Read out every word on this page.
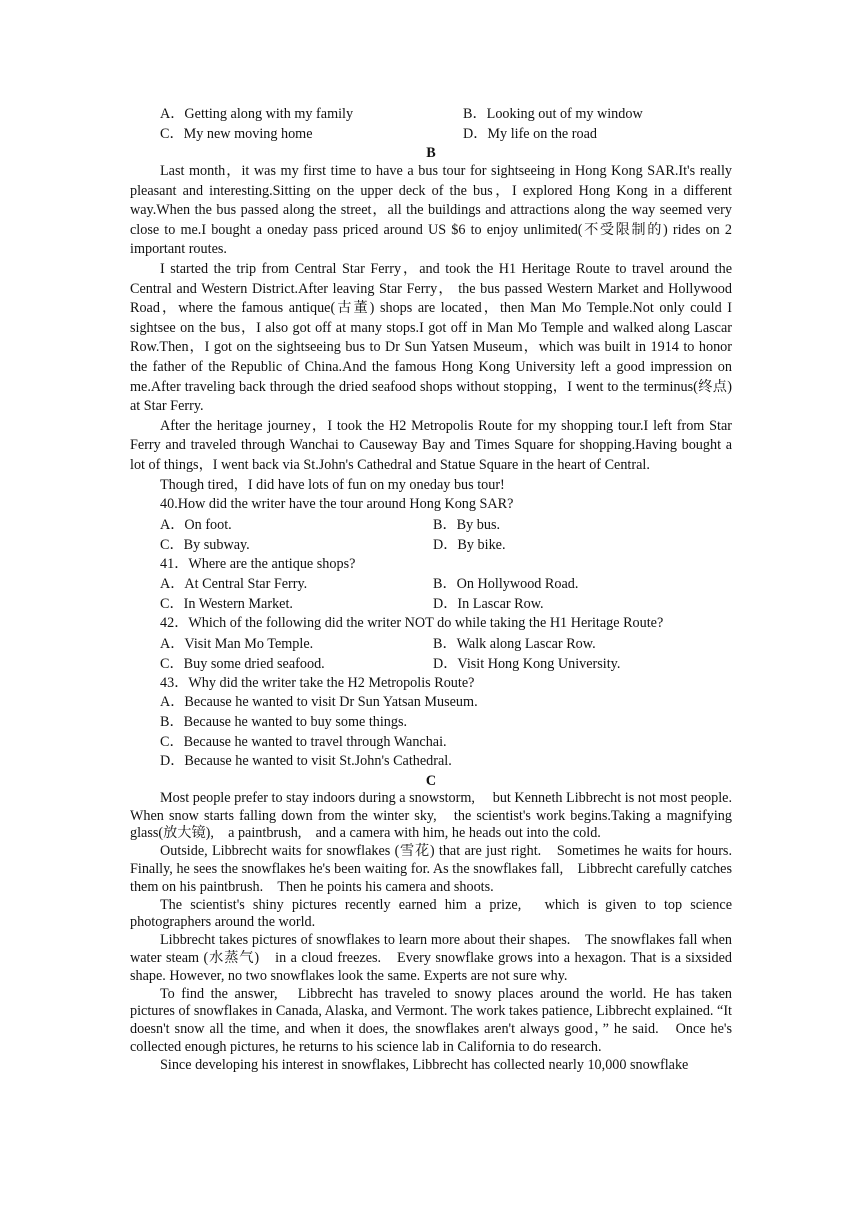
A．Getting along with my family	B．Looking out of my window
C．My new moving home	D．My life on the road
B

Last month，it was my first time to have a bus tour for sightseeing in Hong Kong SAR.It's really pleasant and interesting.Sitting on the upper deck of the bus，I explored Hong Kong in a different way.When the bus passed along the street，all the buildings and attractions along the way seemed very close to me.I bought a oneday pass priced around US $6 to enjoy unlimited(不受限制的) rides on 2 important routes.

I started the trip from Central Star Ferry，and took the H1 Heritage Route to travel around the Central and Western District.After leaving Star Ferry， the bus passed Western Market and Hollywood Road，where the famous antique(古董) shops are located，then Man Mo Temple.Not only could I sightsee on the bus，I also got off at many stops.I got off in Man Mo Temple and walked along Lascar Row.Then，I got on the sightseeing bus to Dr Sun Yatsen Museum，which was built in 1914 to honor the father of the Republic of China.And the famous Hong Kong University left a good impression on me.After traveling back through the dried seafood shops without stopping，I went to the terminus(终点) at Star Ferry.

After the heritage journey，I took the H2 Metropolis Route for my shopping tour.I left from Star Ferry and traveled through Wanchai to Causeway Bay and Times Square for shopping.Having bought a lot of things，I went back via St.John's Cathedral and Statue Square in the heart of Central.

Though tired，I did have lots of fun on my oneday bus tour!

40.How did the writer have the tour around Hong Kong SAR?
A．On foot.	B．By bus.
C．By subway.	D．By bike.
41．Where are the antique shops?
A．At Central Star Ferry.	B．On Hollywood Road.
C．In Western Market.	D．In Lascar Row.
42．Which of the following did the writer NOT do while taking the H1 Heritage Route?
A．Visit Man Mo Temple.	B．Walk along Lascar Row.
C．Buy some dried seafood.	D．Visit Hong Kong University.
43．Why did the writer take the H2 Metropolis Route?
A．Because he wanted to visit Dr Sun Yatsan Museum.
B．Because he wanted to buy some things.
C．Because he wanted to travel through Wanchai.
D．Because he wanted to visit St.John's Cathedral.
C

Most people prefer to stay indoors during a snowstorm,　 but Kenneth Libbrecht is not most people.　When snow starts falling down from the winter sky,　the scientist's work begins.Taking a magnifying glass(放大镜),　a paintbrush,　and a camera with him, he heads out into the cold.

Outside, Libbrecht waits for snowflakes (雪花) that are just right.　Sometimes he waits for hours. Finally, he sees the snowflakes he's been waiting for. As the snowflakes fall,　Libbrecht carefully catches them on his paintbrush.　Then he points his camera and shoots.

The scientist's shiny pictures recently earned him a prize,　which is given to top science photographers around the world.

Libbrecht takes pictures of snowflakes to learn more about their shapes.　The snowflakes fall when water steam (水蒸气)　in a cloud freezes.　Every snowflake grows into a hexagon. That is a sixsided shape. However, no two snowflakes look the same. Experts are not sure why.

To find the answer,　Libbrecht has traveled to snowy places around the world. He has taken pictures of snowflakes in Canada, Alaska, and Vermont. The work takes patience, Libbrecht explained. “It doesn't snow all the time, and when it does, the snowflakes aren't always good，” he said.　Once he's collected enough pictures, he returns to his science lab in California to do research.

Since developing his interest in snowflakes, Libbrecht has collected nearly 10,000 snowflake
